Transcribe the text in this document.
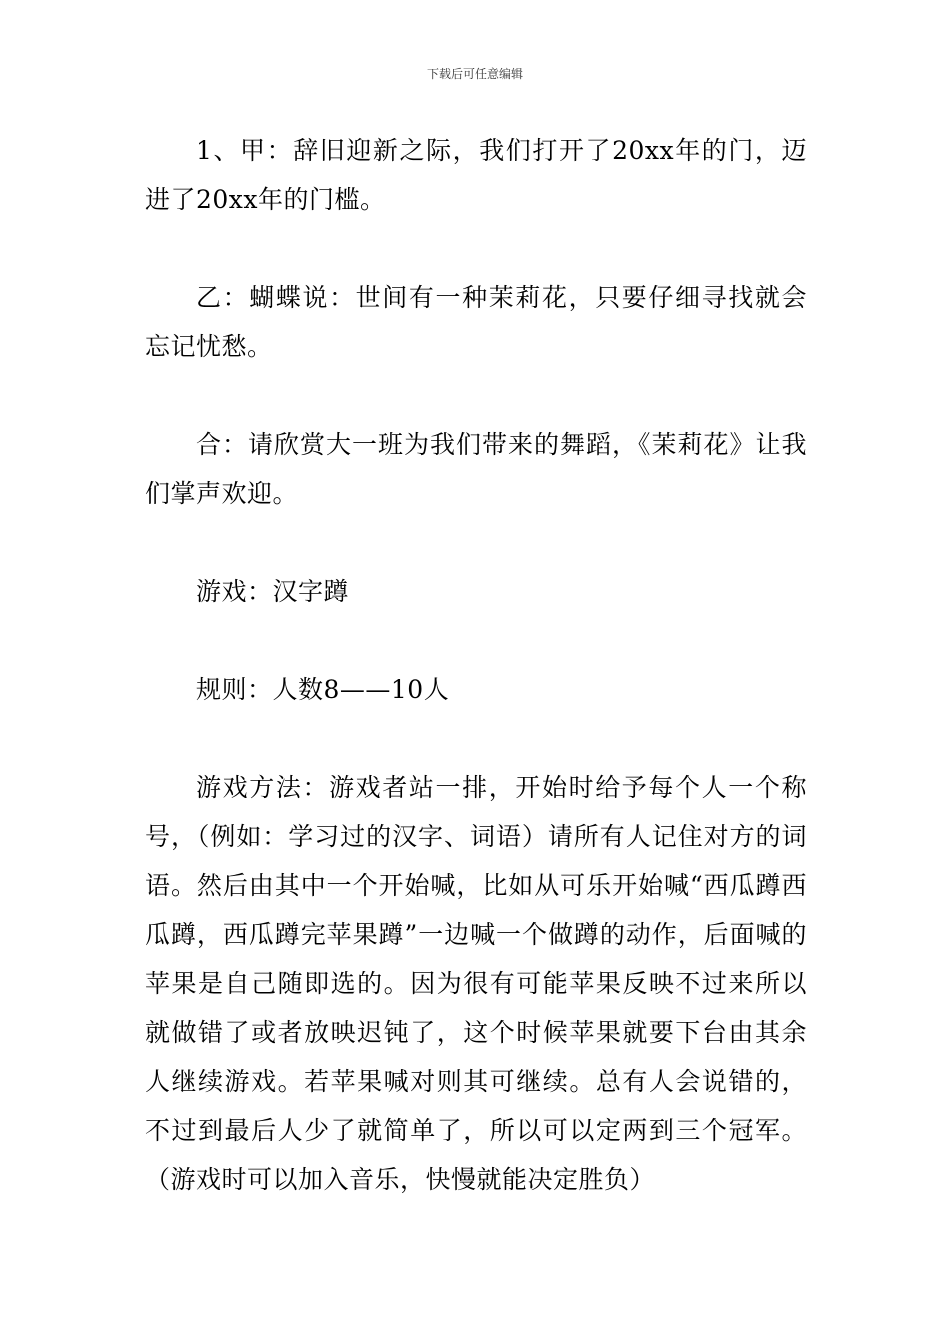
下载后可任意编辑

1、甲：辞旧迎新之际，我们打开了20xx年的门，迈进了20xx年的门槛。

乙：蝴蝶说：世间有一种茉莉花，只要仔细寻找就会忘记忧愁。

合：请欣赏大一班为我们带来的舞蹈，《茉莉花》让我们掌声欢迎。

游戏：汉字蹲

规则：人数8——10人

游戏方法：游戏者站一排，开始时给予每个人一个称号，（例如：学习过的汉字、词语）请所有人记住对方的词语。然后由其中一个开始喊，比如从可乐开始喊“西瓜蹲西瓜蹲，西瓜蹲完苹果蹲”一边喊一个做蹲的动作，后面喊的苹果是自己随即选的。因为很有可能苹果反映不过来所以就做错了或者放映迟钝了，这个时候苹果就要下台由其余人继续游戏。若苹果喊对则其可继续。总有人会说错的，不过到最后人少了就简单了，所以可以定两到三个冠军。（游戏时可以加入音乐，快慢就能决定胜负）
